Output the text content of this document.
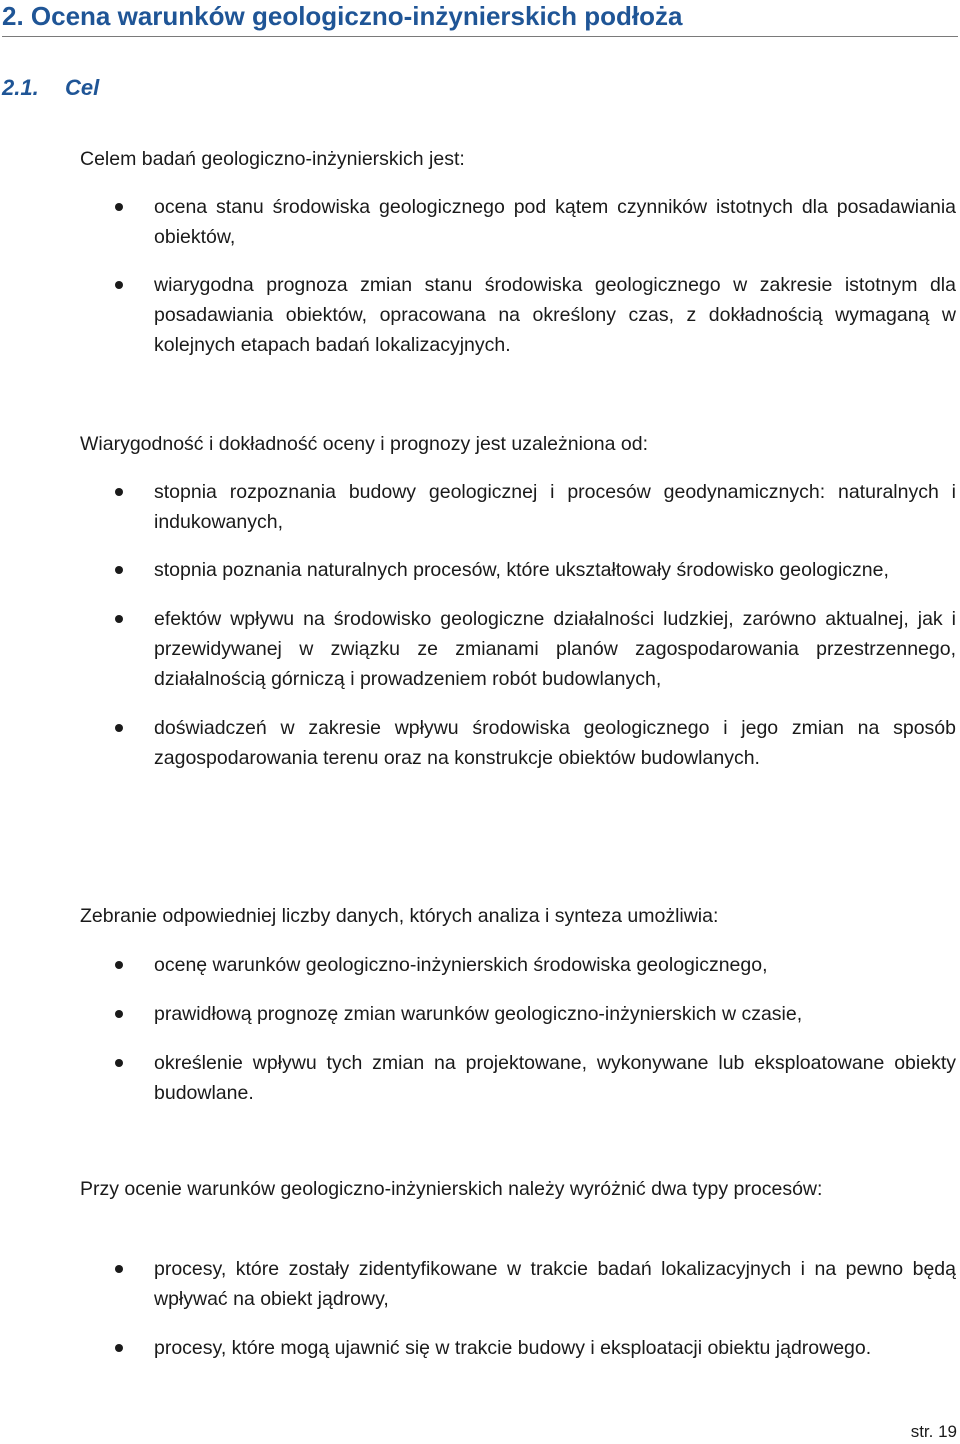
2. Ocena warunków geologiczno-inżynierskich podłoża
2.1. Cel

Celem badań geologiczno-inżynierskich jest:

ocena stanu środowiska geologicznego pod kątem czynników istotnych dla posadawiania obiektów,
wiarygodna prognoza zmian stanu środowiska geologicznego w zakresie istotnym dla posadawiania obiektów, opracowana na określony czas, z dokładnością wymaganą w kolejnych etapach badań lokalizacyjnych.

Wiarygodność i dokładność oceny i prognozy jest uzależniona od:

stopnia rozpoznania budowy geologicznej i procesów geodynamicznych: naturalnych i indukowanych,
stopnia poznania naturalnych procesów, które ukształtowały środowisko geologiczne,
efektów wpływu na środowisko geologiczne działalności ludzkiej, zarówno aktualnej, jak i przewidywanej w związku ze zmianami planów zagospodarowania przestrzennego, działalnością górniczą i prowadzeniem robót budowlanych,
doświadczeń w zakresie wpływu środowiska geologicznego i jego zmian na sposób zagospodarowania terenu oraz na konstrukcje obiektów budowlanych.

Zebranie odpowiedniej liczby danych, których analiza i synteza umożliwia:

ocenę warunków geologiczno-inżynierskich środowiska geologicznego,
prawidłową prognozę zmian warunków geologiczno-inżynierskich w czasie,
określenie wpływu tych zmian na projektowane, wykonywane lub eksploatowane obiekty budowlane.

Przy ocenie warunków geologiczno-inżynierskich należy wyróżnić dwa typy procesów:

procesy, które zostały zidentyfikowane w trakcie badań lokalizacyjnych i na pewno będą wpływać na obiekt jądrowy,
procesy, które mogą ujawnić się w trakcie budowy i eksploatacji obiektu jądrowego.
str. 19
